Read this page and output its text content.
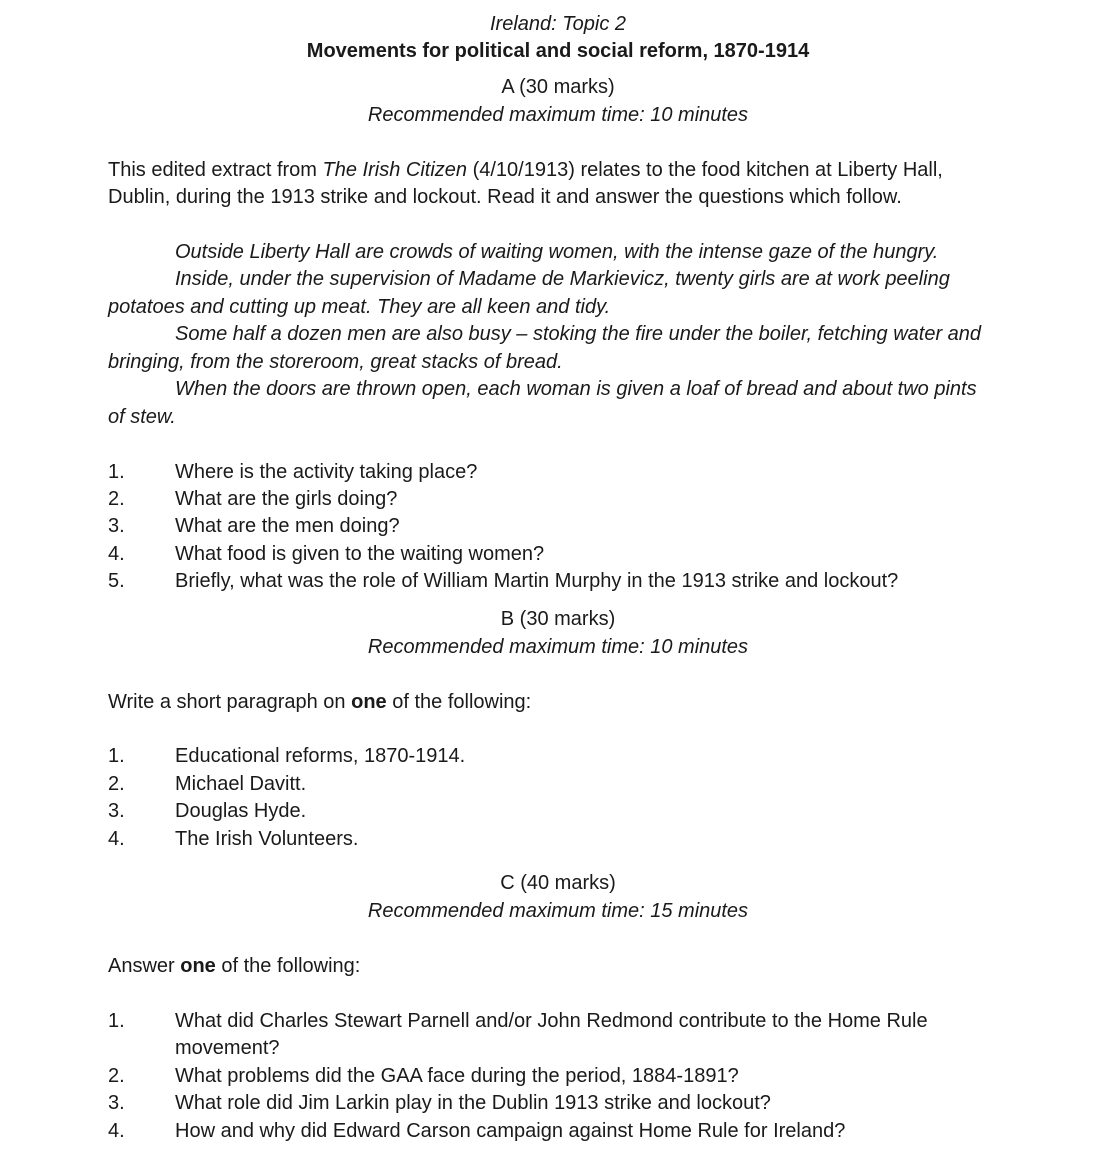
Ireland: Topic 2
Movements for political and social reform, 1870-1914
A (30 marks)
Recommended maximum time: 10 minutes
This edited extract from The Irish Citizen (4/10/1913) relates to the food kitchen at Liberty Hall,
Dublin, during the 1913 strike and lockout. Read it and answer the questions which follow.
Outside Liberty Hall are crowds of waiting women, with the intense gaze of the hungry.
Inside, under the supervision of Madame de Markievicz, twenty girls are at work peeling
potatoes and cutting up meat. They are all keen and tidy.
Some half a dozen men are also busy – stoking the fire under the boiler, fetching water and
bringing, from the storeroom, great stacks of bread.
When the doors are thrown open, each woman is given a loaf of bread and about two pints
of stew.
1.	Where is the activity taking place?
2.	What are the girls doing?
3.	What are the men doing?
4.	What food is given to the waiting women?
5.	Briefly, what was the role of William Martin Murphy in the 1913 strike and lockout?
B (30 marks)
Recommended maximum time: 10 minutes
Write a short paragraph on one of the following:
1.	Educational reforms, 1870-1914.
2.	Michael Davitt.
3.	Douglas Hyde.
4.	The Irish Volunteers.
C (40 marks)
Recommended maximum time: 15 minutes
Answer one of the following:
1.	What did Charles Stewart Parnell and/or John Redmond contribute to the Home Rule
movement?
2.	What problems did the GAA face during the period, 1884-1891?
3.	What role did Jim Larkin play in the Dublin 1913 strike and lockout?
4.	How and why did Edward Carson campaign against Home Rule for Ireland?
